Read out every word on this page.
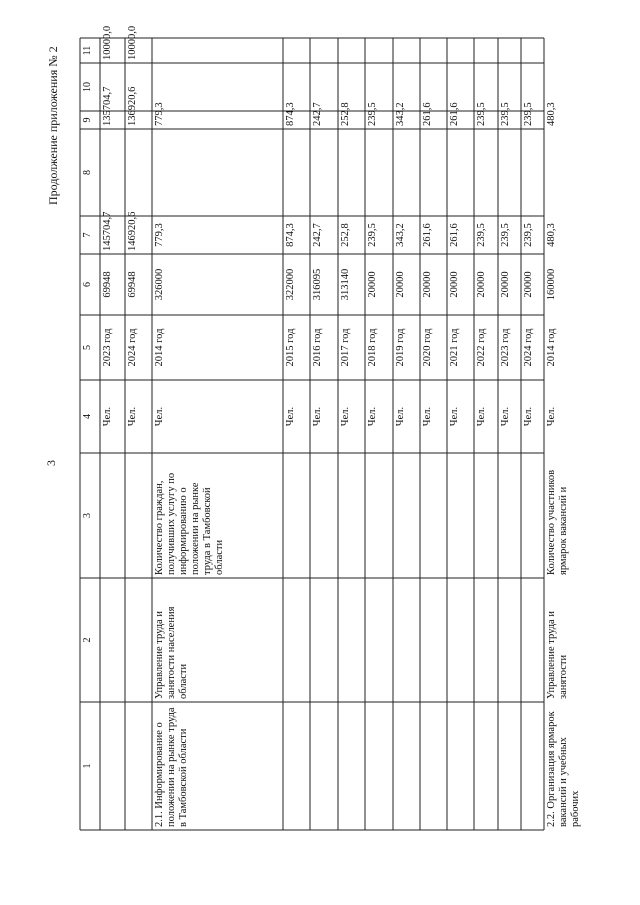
Продолжение приложения № 2
3
1
2
3
4
5
6
7
8
9
10
11
Чел.
2023 год
69948
145704,7
135704,7
10000,0
Чел.
2024 год
69948
146920,6
136920,6
10000,0
2.1. Информирование о положении на рынке труда в Тамбовской области
Управление труда и занятости населения области
Количество граждан, получивших услугу по информированию о положении на рынке труда в Тамбовской области
Чел.
2014 год
326000
779,3
779,3
Чел.
2015 год
322000
874,3
874,3
Чел.
2016 год
316095
242,7
242,7
Чел.
2017 год
313140
252,8
252,8
Чел.
2018 год
20000
239,5
239,5
Чел.
2019 год
20000
343,2
343,2
Чел.
2020 год
20000
261,6
261,6
Чел.
2021 год
20000
261,6
261,6
Чел.
2022 год
20000
239,5
239,5
Чел.
2023 год
20000
239,5
239,5
Чел.
2024 год
20000
239,5
239,5
2.2. Организация ярмарок вакансий и учебных рабочих
Управление труда и занятости
Количество участников ярмарок вакансий и
Чел.
2014 год
160000
480,3
480,3
